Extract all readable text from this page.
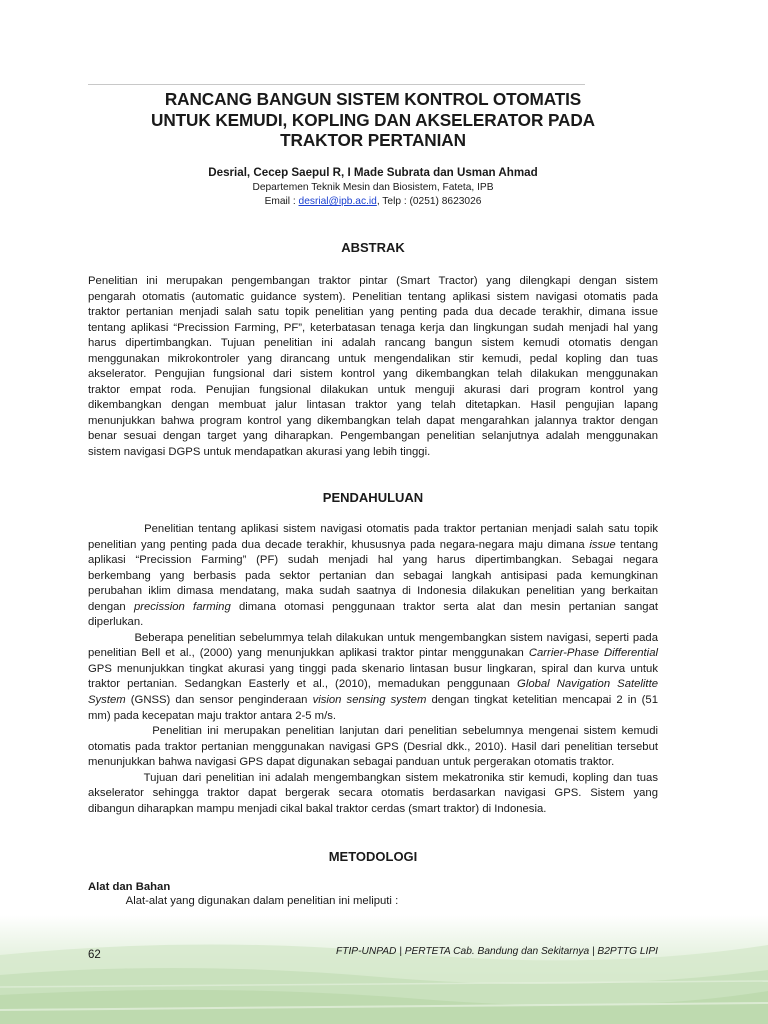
RANCANG BANGUN SISTEM KONTROL OTOMATIS
UNTUK KEMUDI, KOPLING DAN AKSELERATOR PADA
TRAKTOR PERTANIAN
Desrial, Cecep Saepul R, I Made Subrata dan Usman Ahmad
Departemen Teknik Mesin dan Biosistem, Fateta, IPB
Email : desrial@ipb.ac.id, Telp : (0251) 8623026
ABSTRAK
Penelitian ini merupakan pengembangan traktor pintar (Smart Tractor) yang dilengkapi dengan sistem
pengarah otomatis (automatic guidance system). Penelitian tentang aplikasi sistem navigasi otomatis pada
traktor pertanian menjadi salah satu topik penelitian yang penting pada dua decade terakhir, dimana issue
tentang aplikasi “Precission Farming, PF”, keterbatasan tenaga kerja dan lingkungan sudah menjadi hal yang
harus dipertimbangkan. Tujuan penelitian ini adalah rancang bangun sistem kemudi otomatis dengan
menggunakan mikrokontroler yang dirancang untuk mengendalikan stir kemudi, pedal kopling dan tuas
akselerator. Pengujian fungsional dari sistem kontrol yang dikembangkan telah dilakukan menggunakan
traktor empat roda. Penujian fungsional dilakukan untuk menguji akurasi dari program kontrol yang
dikembangkan dengan membuat jalur lintasan traktor yang telah ditetapkan. Hasil pengujian lapang
menunjukkan bahwa program kontrol yang dikembangkan telah dapat mengarahkan jalannya traktor dengan
benar sesuai dengan target yang diharapkan. Pengembangan penelitian selanjutnya adalah menggunakan
sistem navigasi DGPS untuk mendapatkan akurasi yang lebih tinggi.
PENDAHULUAN
Penelitian tentang aplikasi sistem navigasi otomatis pada traktor pertanian menjadi salah satu topik
penelitian yang penting pada dua decade terakhir, khususnya pada negara-negara maju dimana issue tentang
aplikasi “Precission Farming” (PF) sudah menjadi hal yang harus dipertimbangkan. Sebagai negara
berkembang yang berbasis pada sektor pertanian dan sebagai langkah antisipasi pada kemungkinan
perubahan iklim dimasa mendatang, maka sudah saatnya di Indonesia dilakukan penelitian yang berkaitan
dengan precission farming dimana otomasi penggunaan traktor serta alat dan mesin pertanian sangat
diperlukan.
Beberapa penelitian sebelummya telah dilakukan untuk mengembangkan sistem navigasi, seperti pada
penelitian Bell et al., (2000) yang menunjukkan aplikasi traktor pintar menggunakan Carrier-Phase Differential
GPS menunjukkan tingkat akurasi yang tinggi pada skenario lintasan busur lingkaran, spiral dan kurva untuk
traktor pertanian. Sedangkan Easterly et al., (2010), memadukan penggunaan Global Navigation Satelitte
System (GNSS) dan sensor penginderaan vision sensing system dengan tingkat ketelitian mencapai 2 in (51
mm) pada kecepatan maju traktor antara 2-5 m/s.
Penelitian ini merupakan penelitian lanjutan dari penelitian sebelumnya mengenai sistem kemudi
otomatis pada traktor pertanian menggunakan navigasi GPS (Desrial dkk., 2010). Hasil dari penelitian tersebut
menunjukkan bahwa navigasi GPS dapat digunakan sebagai panduan untuk pergerakan otomatis traktor.
Tujuan dari penelitian ini adalah mengembangkan sistem mekatronika stir kemudi, kopling dan tuas
akselerator sehingga traktor dapat bergerak secara otomatis berdasarkan navigasi GPS. Sistem yang
dibangun diharapkan mampu menjadi cikal bakal traktor cerdas (smart traktor) di Indonesia.
METODOLOGI
Alat dan Bahan
Alat-alat yang digunakan dalam penelitian ini meliputi :
62	FTIP-UNPAD | PERTETA Cab. Bandung dan Sekitarnya | B2PTTG LIPI
